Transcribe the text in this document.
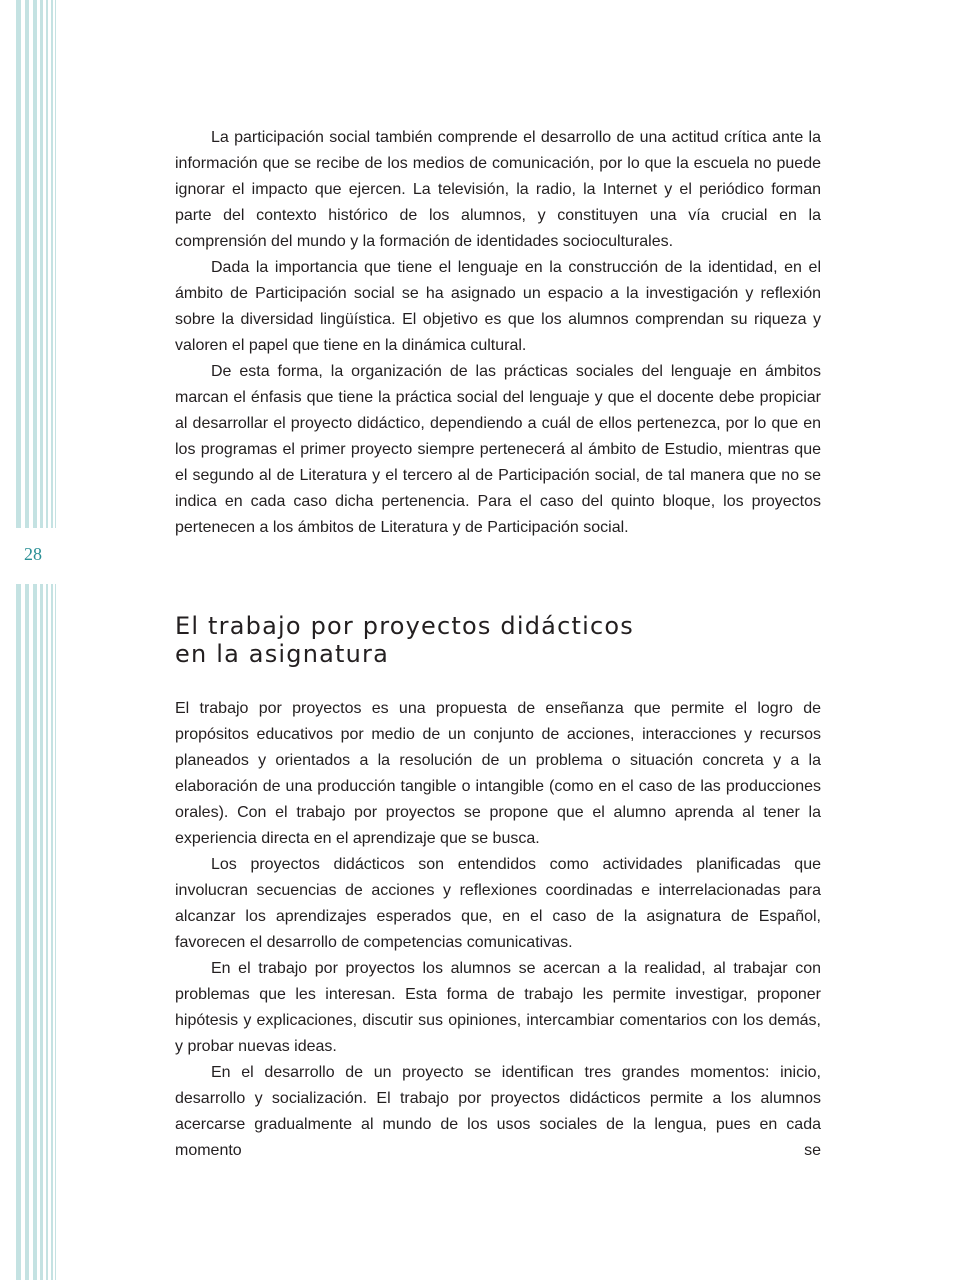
28

La participación social también comprende el desarrollo de una actitud crítica ante la información que se recibe de los medios de comunicación, por lo que la escuela no puede ignorar el impacto que ejercen. La televisión, la radio, la Internet y el periódico forman parte del contexto histórico de los alumnos, y constituyen una vía crucial en la comprensión del mundo y la formación de identidades socioculturales.

Dada la importancia que tiene el lenguaje en la construcción de la identidad, en el ámbito de Participación social se ha asignado un espacio a la investigación y reflexión sobre la diversidad lingüística. El objetivo es que los alumnos comprendan su riqueza y valoren el papel que tiene en la dinámica cultural.

De esta forma, la organización de las prácticas sociales del lenguaje en ámbitos marcan el énfasis que tiene la práctica social del lenguaje y que el docente debe propiciar al desarrollar el proyecto didáctico, dependiendo a cuál de ellos pertenezca, por lo que en los programas el primer proyecto siempre pertenecerá al ámbito de Estudio, mientras que el segundo al de Literatura y el tercero al de Participación social, de tal manera que no se indica en cada caso dicha pertenencia. Para el caso del quinto bloque, los proyectos pertenecen a los ámbitos de Literatura y de Participación social.

El trabajo por proyectos didácticos
en la asignatura

El trabajo por proyectos es una propuesta de enseñanza que permite el logro de propósitos educativos por medio de un conjunto de acciones, interacciones y recursos planeados y orientados a la resolución de un problema o situación concreta y a la elaboración de una producción tangible o intangible (como en el caso de las producciones orales). Con el trabajo por proyectos se propone que el alumno aprenda al tener la experiencia directa en el aprendizaje que se busca.

Los proyectos didácticos son entendidos como actividades planificadas que involucran secuencias de acciones y reflexiones coordinadas e interrelacionadas para alcanzar los aprendizajes esperados que, en el caso de la asignatura de Español, favorecen el desarrollo de competencias comunicativas.

En el trabajo por proyectos los alumnos se acercan a la realidad, al trabajar con problemas que les interesan. Esta forma de trabajo les permite investigar, proponer hipótesis y explicaciones, discutir sus opiniones, intercambiar comentarios con los demás, y probar nuevas ideas.

En el desarrollo de un proyecto se identifican tres grandes momentos: inicio, desarrollo y socialización. El trabajo por proyectos didácticos permite a los alumnos acercarse gradualmente al mundo de los usos sociales de la lengua, pues en cada momento se
